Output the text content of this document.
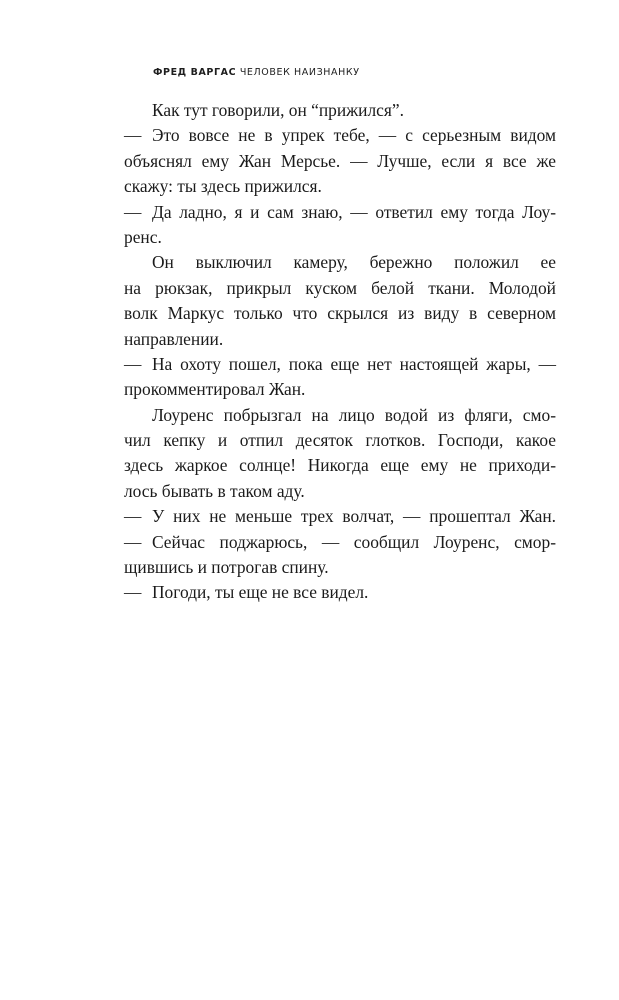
ФРЕД ВАРГАС ЧЕЛОВЕК НАИЗНАНКУ
Как тут говорили, он “прижился”.
— Это вовсе не в упрек тебе, — с серьезным видом
объяснял ему Жан Мерсье. — Лучше, если я все же
скажу: ты здесь прижился.
— Да ладно, я и сам знаю, — ответил ему тогда Лоу-
ренс.
Он выключил камеру, бережно положил ее
на рюкзак, прикрыл куском белой ткани. Молодой
волк Маркус только что скрылся из виду в северном
направлении.
— На охоту пошел, пока еще нет настоящей жары, —
прокомментировал Жан.
Лоуренс побрызгал на лицо водой из фляги, смо-
чил кепку и отпил десяток глотков. Господи, какое
здесь жаркое солнце! Никогда еще ему не приходи-
лось бывать в таком аду.
— У них не меньше трех волчат, — прошептал Жан.
— Сейчас поджарюсь, — сообщил Лоуренс, смор-
щившись и потрогав спину.
— Погоди, ты еще не все видел.
